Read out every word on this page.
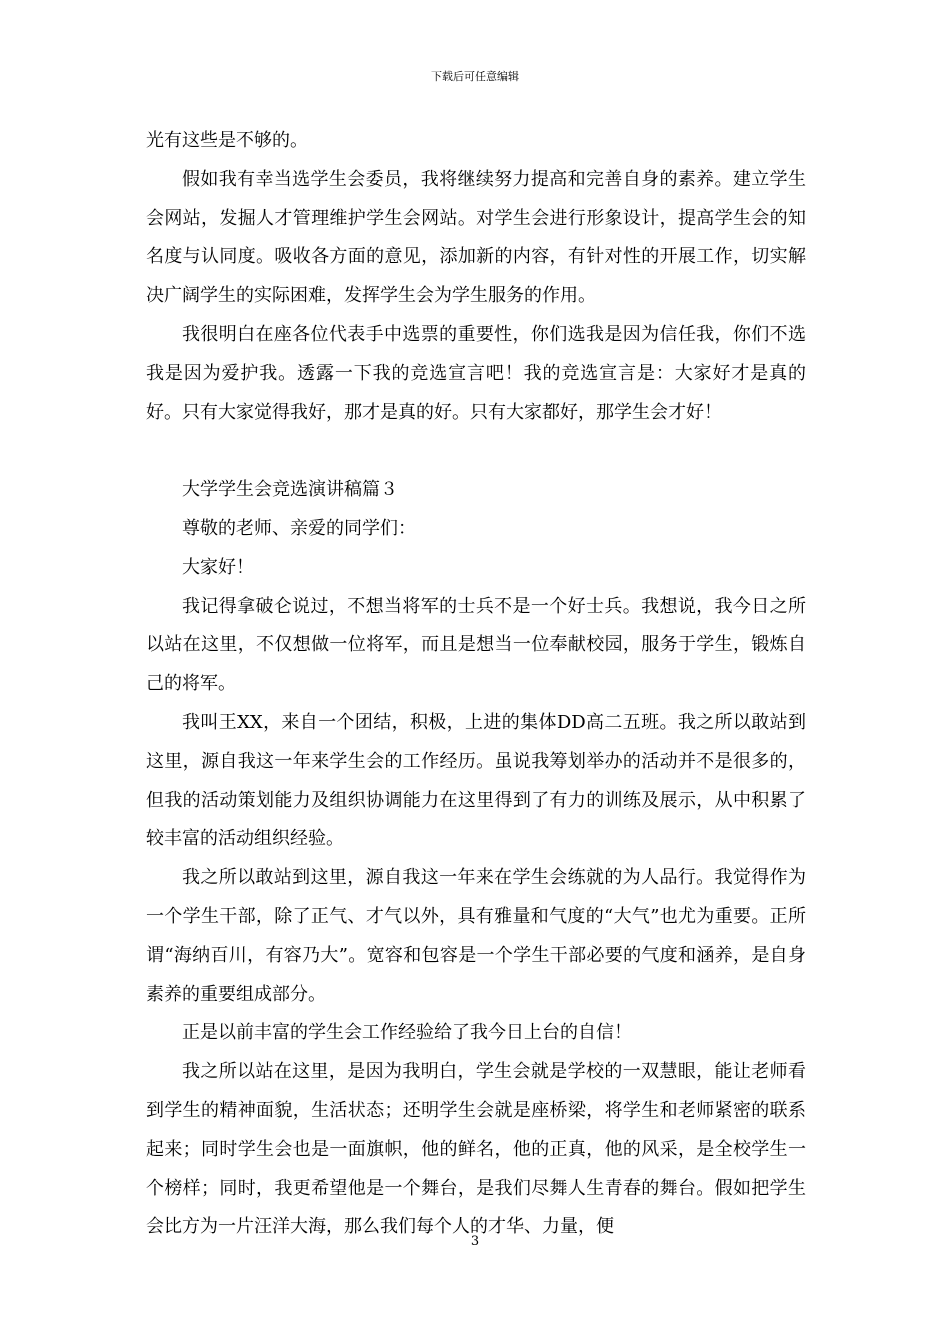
下载后可任意编辑

光有这些是不够的。

假如我有幸当选学生会委员，我将继续努力提高和完善自身的素养。建立学生会网站，发掘人才管理维护学生会网站。对学生会进行形象设计，提高学生会的知名度与认同度。吸收各方面的意见，添加新的内容，有针对性的开展工作，切实解决广阔学生的实际困难，发挥学生会为学生服务的作用。

我很明白在座各位代表手中选票的重要性，你们选我是因为信任我，你们不选我是因为爱护我。透露一下我的竞选宣言吧！我的竞选宣言是：大家好才是真的好。只有大家觉得我好，那才是真的好。只有大家都好，那学生会才好！

大学学生会竞选演讲稿篇３

尊敬的老师、亲爱的同学们：

大家好！

我记得拿破仑说过，不想当将军的士兵不是一个好士兵。我想说，我今日之所以站在这里，不仅想做一位将军，而且是想当一位奉献校园，服务于学生，锻炼自己的将军。

我叫王XX，来自一个团结，积极，上进的集体DD高二五班。我之所以敢站到这里，源自我这一年来学生会的工作经历。虽说我筹划举办的活动并不是很多的，但我的活动策划能力及组织协调能力在这里得到了有力的训练及展示，从中积累了较丰富的活动组织经验。

我之所以敢站到这里，源自我这一年来在学生会练就的为人品行。我觉得作为一个学生干部，除了正气、才气以外，具有雅量和气度的“大气”也尤为重要。正所谓“海纳百川，有容乃大”。宽容和包容是一个学生干部必要的气度和涵养，是自身素养的重要组成部分。

正是以前丰富的学生会工作经验给了我今日上台的自信！

我之所以站在这里，是因为我明白，学生会就是学校的一双慧眼，能让老师看到学生的精神面貌，生活状态；还明学生会就是座桥梁，将学生和老师紧密的联系起来；同时学生会也是一面旗帜，他的鲜名，他的正真，他的风采，是全校学生一个榜样；同时，我更希望他是一个舞台，是我们尽舞人生青春的舞台。假如把学生会比方为一片汪洋大海，那么我们每个人的才华、力量，便

3
